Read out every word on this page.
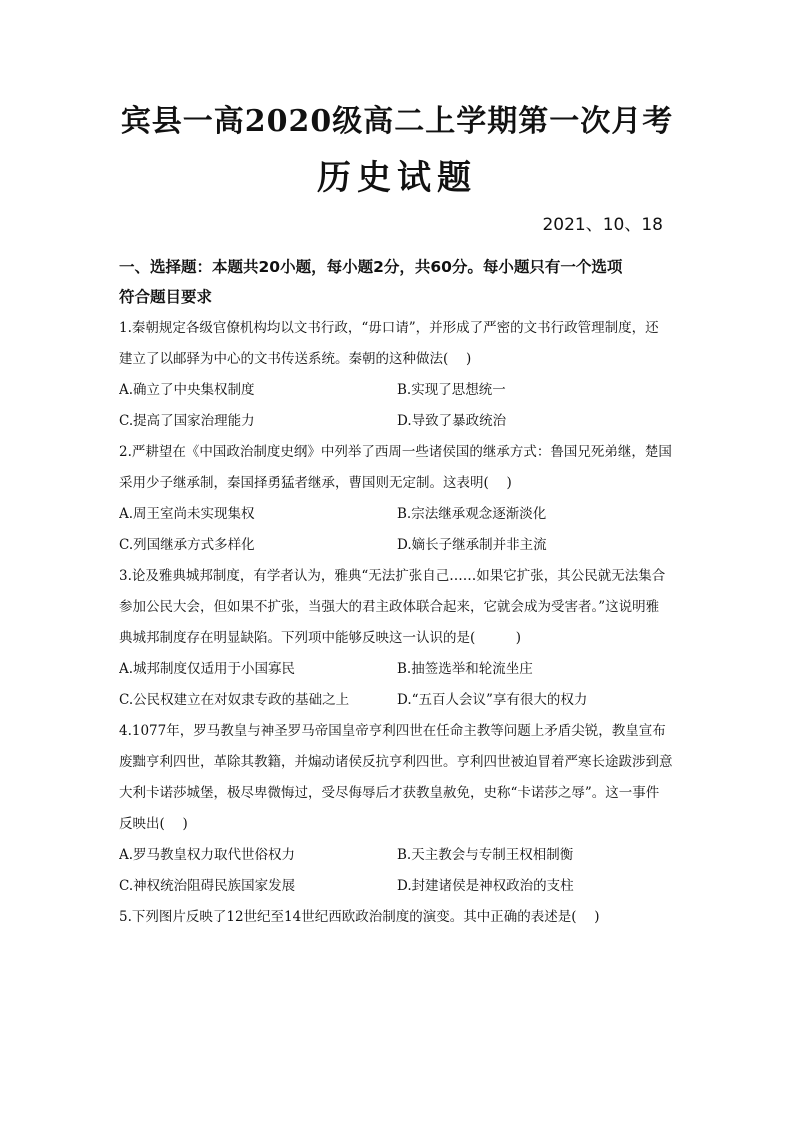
宾县一高2020级高二上学期第一次月考
历史试题
2021、10、18
一、选择题：本题共20小题，每小题2分，共60分。每小题只有一个选项
符合题目要求
1.秦朝规定各级官僚机构均以文书行政，“毋口请”，并形成了严密的文书行政管理制度，还
建立了以邮驿为中心的文书传送系统。秦朝的这种做法(　 )
A.确立了中央集权制度	B.实现了思想统一
C.提高了国家治理能力	D.导致了暴政统治
2.严耕望在《中国政治制度史纲》中列举了西周一些诸侯国的继承方式：鲁国兄死弟继，楚国
采用少子继承制，秦国择勇猛者继承，曹国则无定制。这表明(　 )
A.周王室尚未实现集权	B.宗法继承观念逐渐淡化
C.列国继承方式多样化	D.嫡长子继承制并非主流
3.论及雅典城邦制度，有学者认为，雅典“无法扩张自己……如果它扩张，其公民就无法集合
参加公民大会，但如果不扩张，当强大的君主政体联合起来，它就会成为受害者。”这说明雅
典城邦制度存在明显缺陷。下列项中能够反映这一认识的是(　　　)
A.城邦制度仅适用于小国寡民	B.抽签选举和轮流坐庄
C.公民权建立在对奴隶专政的基础之上	D.“五百人会议”享有很大的权力
4.1077年，罗马教皇与神圣罗马帝国皇帝亨利四世在任命主教等问题上矛盾尖锐，教皇宣布
废黜亨利四世，革除其教籍，并煽动诸侯反抗亨利四世。亨利四世被迫冒着严寒长途跋涉到意
大利卡诺莎城堡，极尽卑微悔过，受尽侮辱后才获教皇赦免，史称“卡诺莎之辱”。这一事件
反映出(　 )
A.罗马教皇权力取代世俗权力	B.天主教会与专制王权相制衡
C.神权统治阻碍民族国家发展	D.封建诸侯是神权政治的支柱
5.下列图片反映了12世纪至14世纪西欧政治制度的演变。其中正确的表述是(　 )
